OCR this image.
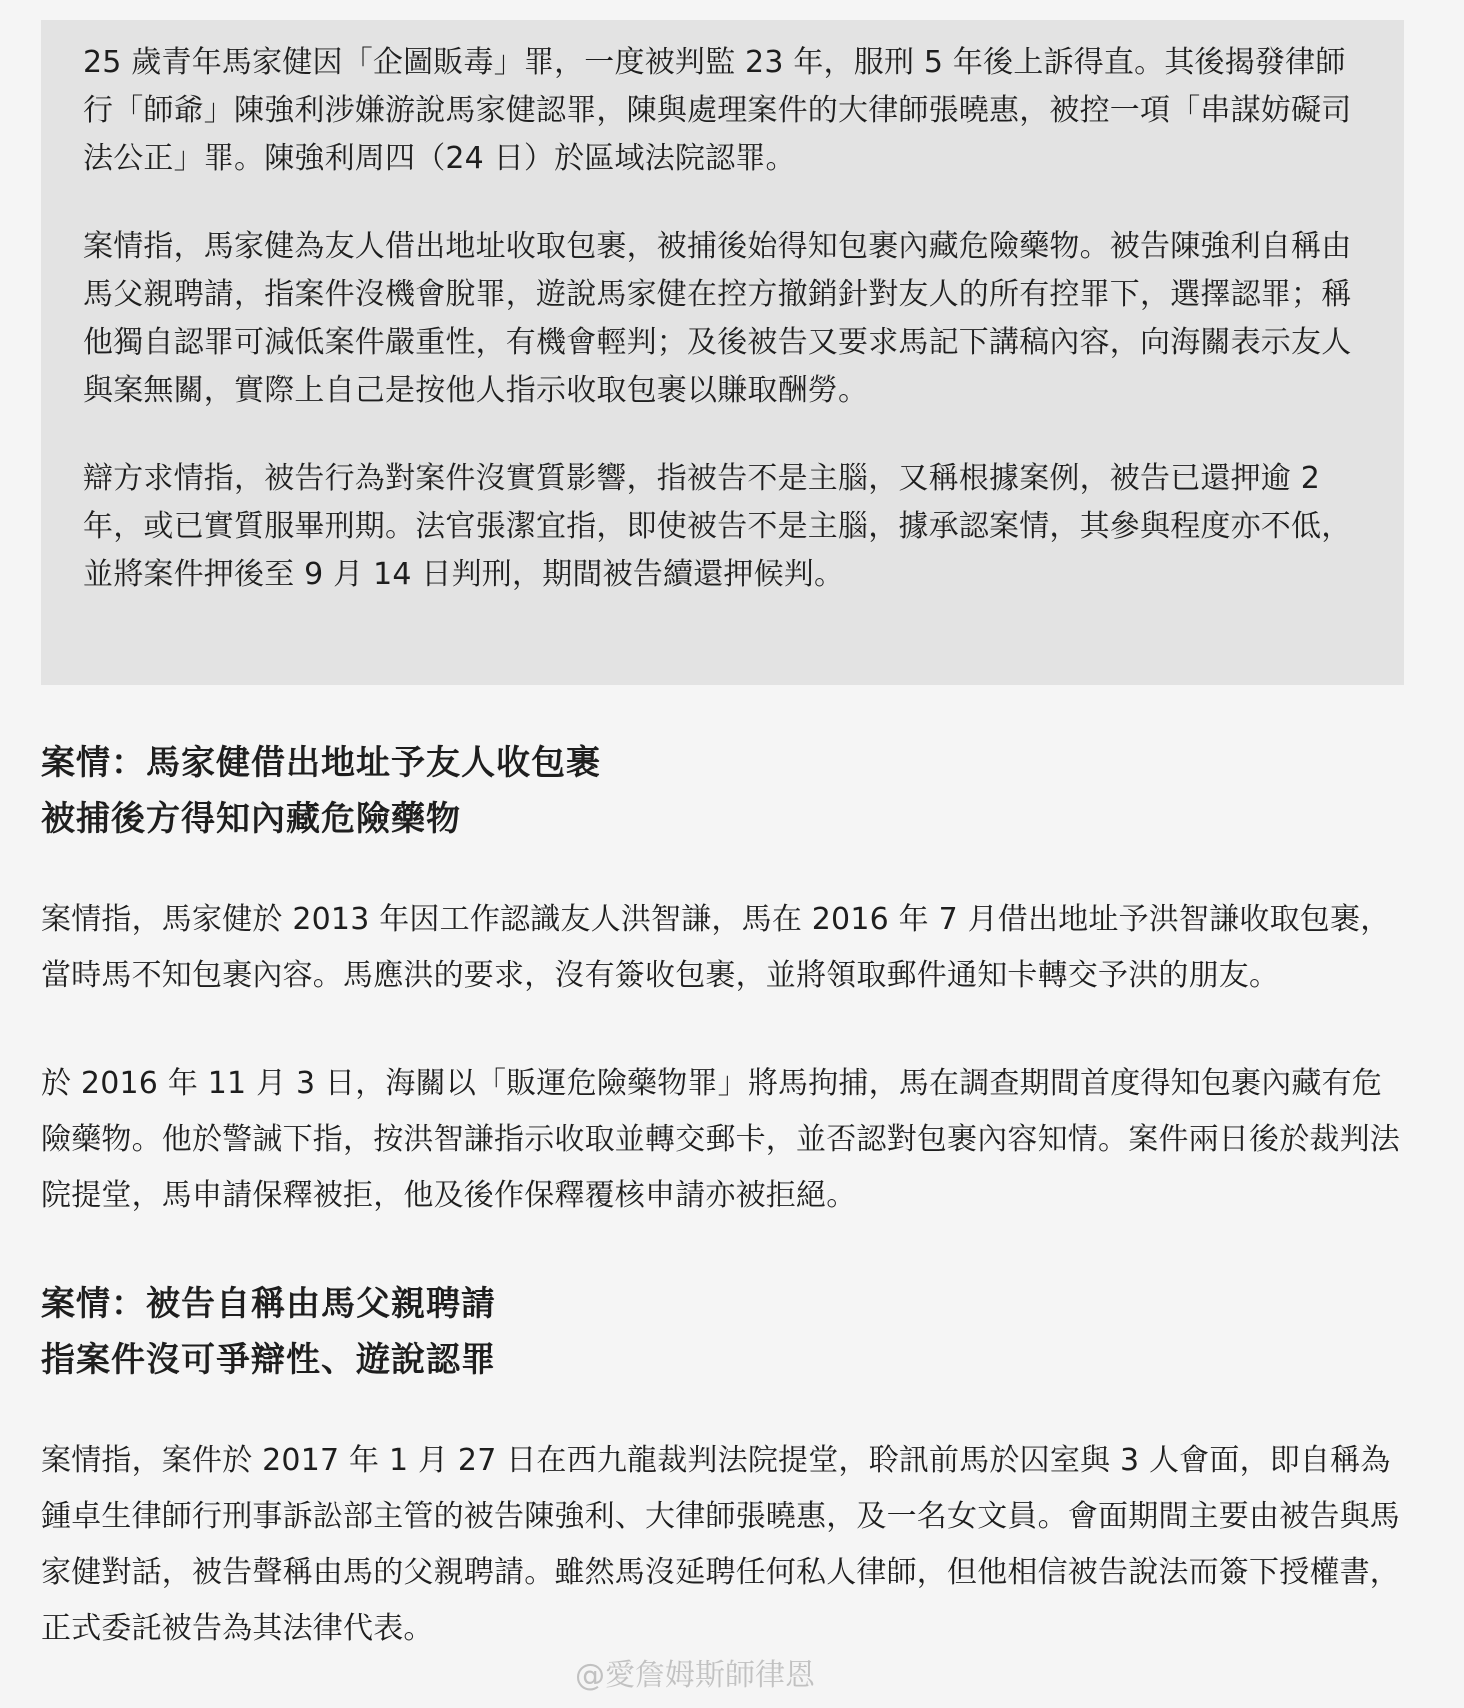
25 歲青年馬家健因「企圖販毒」罪，一度被判監 23 年，服刑 5 年後上訴得直。其後揭發律師行「師爺」陳強利涉嫌游說馬家健認罪，陳與處理案件的大律師張曉惠，被控一項「串謀妨礙司法公正」罪。陳強利周四（24 日）於區域法院認罪。

案情指，馬家健為友人借出地址收取包裹，被捕後始得知包裹內藏危險藥物。被告陳強利自稱由馬父親聘請，指案件沒機會脫罪，遊說馬家健在控方撤銷針對友人的所有控罪下，選擇認罪；稱他獨自認罪可減低案件嚴重性，有機會輕判；及後被告又要求馬記下講稿內容，向海關表示友人與案無關，實際上自己是按他人指示收取包裹以賺取酬勞。

辯方求情指，被告行為對案件沒實質影響，指被告不是主腦，又稱根據案例，被告已還押逾 2 年，或已實質服畢刑期。法官張潔宜指，即使被告不是主腦，據承認案情，其參與程度亦不低，並將案件押後至 9 月 14 日判刑，期間被告續還押候判。

案情：馬家健借出地址予友人收包裹
被捕後方得知內藏危險藥物

案情指，馬家健於 2013 年因工作認識友人洪智謙，馬在 2016 年 7 月借出地址予洪智謙收取包裹，當時馬不知包裹內容。馬應洪的要求，沒有簽收包裹，並將領取郵件通知卡轉交予洪的朋友。

於 2016 年 11 月 3 日，海關以「販運危險藥物罪」將馬拘捕，馬在調查期間首度得知包裹內藏有危險藥物。他於警誡下指，按洪智謙指示收取並轉交郵卡，並否認對包裹內容知情。案件兩日後於裁判法院提堂，馬申請保釋被拒，他及後作保釋覆核申請亦被拒絕。

案情：被告自稱由馬父親聘請
指案件沒可爭辯性、遊說認罪

案情指，案件於 2017 年 1 月 27 日在西九龍裁判法院提堂，聆訊前馬於囚室與 3 人會面，即自稱為鍾卓生律師行刑事訴訟部主管的被告陳強利、大律師張曉惠，及一名女文員。會面期間主要由被告與馬家健對話，被告聲稱由馬的父親聘請。雖然馬沒延聘任何私人律師，但他相信被告說法而簽下授權書，正式委託被告為其法律代表。

@愛詹姆斯師律恩
